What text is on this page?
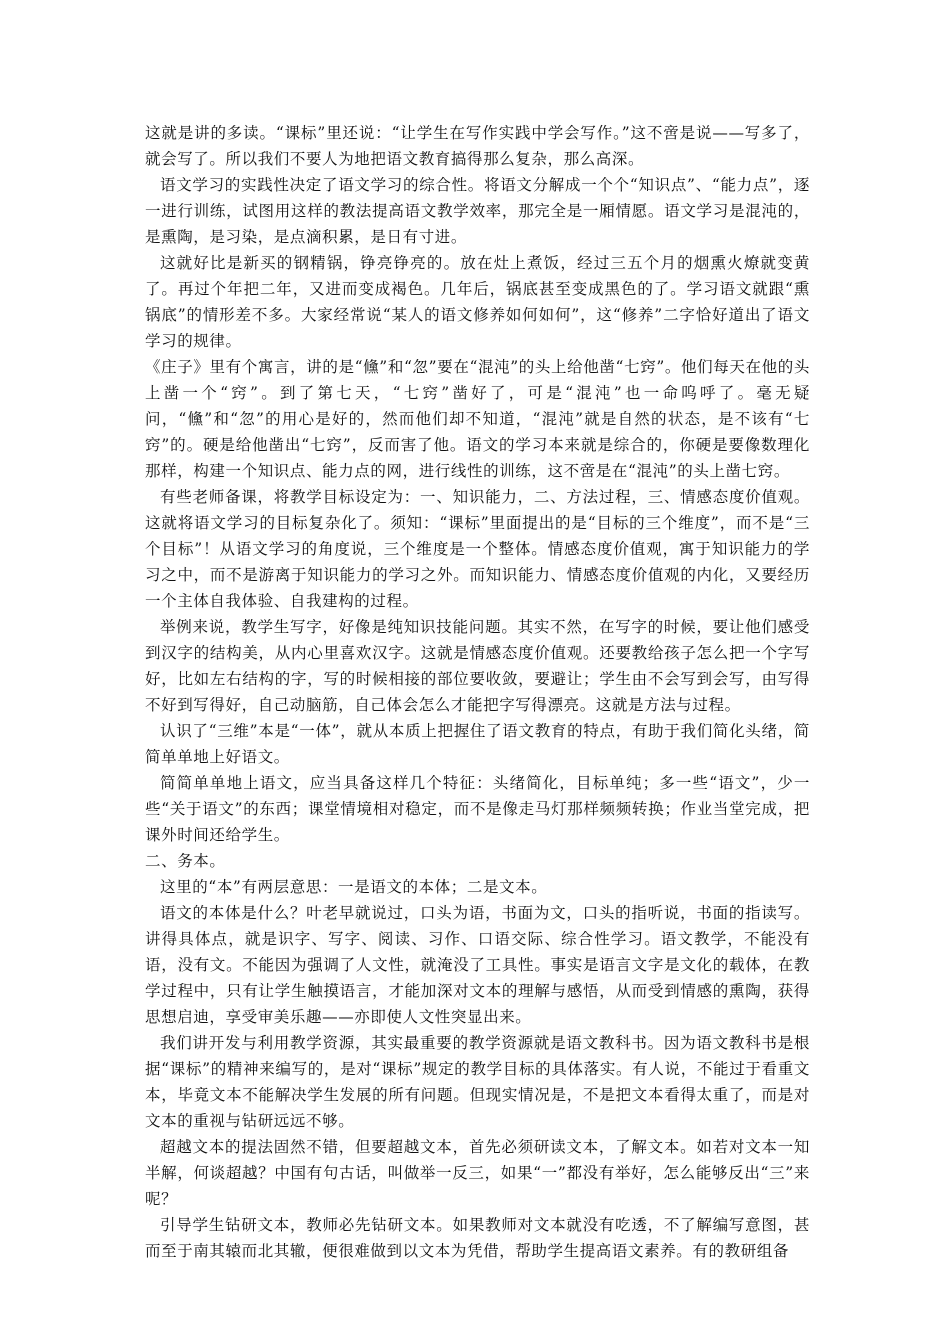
这就是讲的多读。“课标”里还说：“让学生在写作实践中学会写作。”这不啻是说——写多了，就会写了。所以我们不要人为地把语文教育搞得那么复杂，那么高深。

语文学习的实践性决定了语文学习的综合性。将语文分解成一个个“知识点”、“能力点”，逐一进行训练，试图用这样的教法提高语文教学效率，那完全是一厢情愿。语文学习是混沌的，是熏陶，是习染，是点滴积累，是日有寸进。

这就好比是新买的钢精锅，铮亮铮亮的。放在灶上煮饭，经过三五个月的烟熏火燎就变黄了。再过个年把二年，又进而变成褐色。几年后，锅底甚至变成黑色的了。学习语文就跟“熏锅底”的情形差不多。大家经常说“某人的语文修养如何如何”，这“修养”二字恰好道出了语文学习的规律。

《庄子》里有个寓言，讲的是“儵”和“忽”要在“混沌”的头上给他凿“七窍”。他们每天在他的头上凿一个“窍”。到了第七天，“七窍”凿好了，可是“混沌”也一命呜呼了。毫无疑问，“儵”和“忽”的用心是好的，然而他们却不知道，“混沌”就是自然的状态，是不该有“七窍”的。硬是给他凿出“七窍”，反而害了他。语文的学习本来就是综合的，你硬是要像数理化那样，构建一个知识点、能力点的网，进行线性的训练，这不啻是在“混沌”的头上凿七窍。

有些老师备课，将教学目标设定为：一、知识能力，二、方法过程，三、情感态度价值观。这就将语文学习的目标复杂化了。须知：“课标”里面提出的是“目标的三个维度”，而不是“三个目标”！从语文学习的角度说，三个维度是一个整体。情感态度价值观，寓于知识能力的学习之中，而不是游离于知识能力的学习之外。而知识能力、情感态度价值观的内化，又要经历一个主体自我体验、自我建构的过程。

举例来说，教学生写字，好像是纯知识技能问题。其实不然，在写字的时候，要让他们感受到汉字的结构美，从内心里喜欢汉字。这就是情感态度价值观。还要教给孩子怎么把一个字写好，比如左右结构的字，写的时候相接的部位要收敛，要避让；学生由不会写到会写，由写得不好到写得好，自己动脑筋，自己体会怎么才能把字写得漂亮。这就是方法与过程。

认识了“三维”本是“一体”，就从本质上把握住了语文教育的特点，有助于我们简化头绪，简简单单地上好语文。

简简单单地上语文，应当具备这样几个特征：头绪简化，目标单纯；多一些“语文”，少一些“关于语文”的东西；课堂情境相对稳定，而不是像走马灯那样频频转换；作业当堂完成，把课外时间还给学生。

二、务本。

这里的“本”有两层意思：一是语文的本体；二是文本。

语文的本体是什么？叶老早就说过，口头为语，书面为文，口头的指听说，书面的指读写。讲得具体点，就是识字、写字、阅读、习作、口语交际、综合性学习。语文教学，不能没有语，没有文。不能因为强调了人文性，就淹没了工具性。事实是语言文字是文化的载体，在教学过程中，只有让学生触摸语言，才能加深对文本的理解与感悟，从而受到情感的熏陶，获得思想启迪，享受审美乐趣——亦即使人文性突显出来。

我们讲开发与利用教学资源，其实最重要的教学资源就是语文教科书。因为语文教科书是根据“课标”的精神来编写的，是对“课标”规定的教学目标的具体落实。有人说，不能过于看重文本，毕竟文本不能解决学生发展的所有问题。但现实情况是，不是把文本看得太重了，而是对文本的重视与钻研远远不够。

超越文本的提法固然不错，但要超越文本，首先必须研读文本，了解文本。如若对文本一知半解，何谈超越？中国有句古话，叫做举一反三，如果“一”都没有举好，怎么能够反出“三”来呢？

引导学生钻研文本，教师必先钻研文本。如果教师对文本就没有吃透，不了解编写意图，甚而至于南其辕而北其辙，便很难做到以文本为凭借，帮助学生提高语文素养。有的教研组备
